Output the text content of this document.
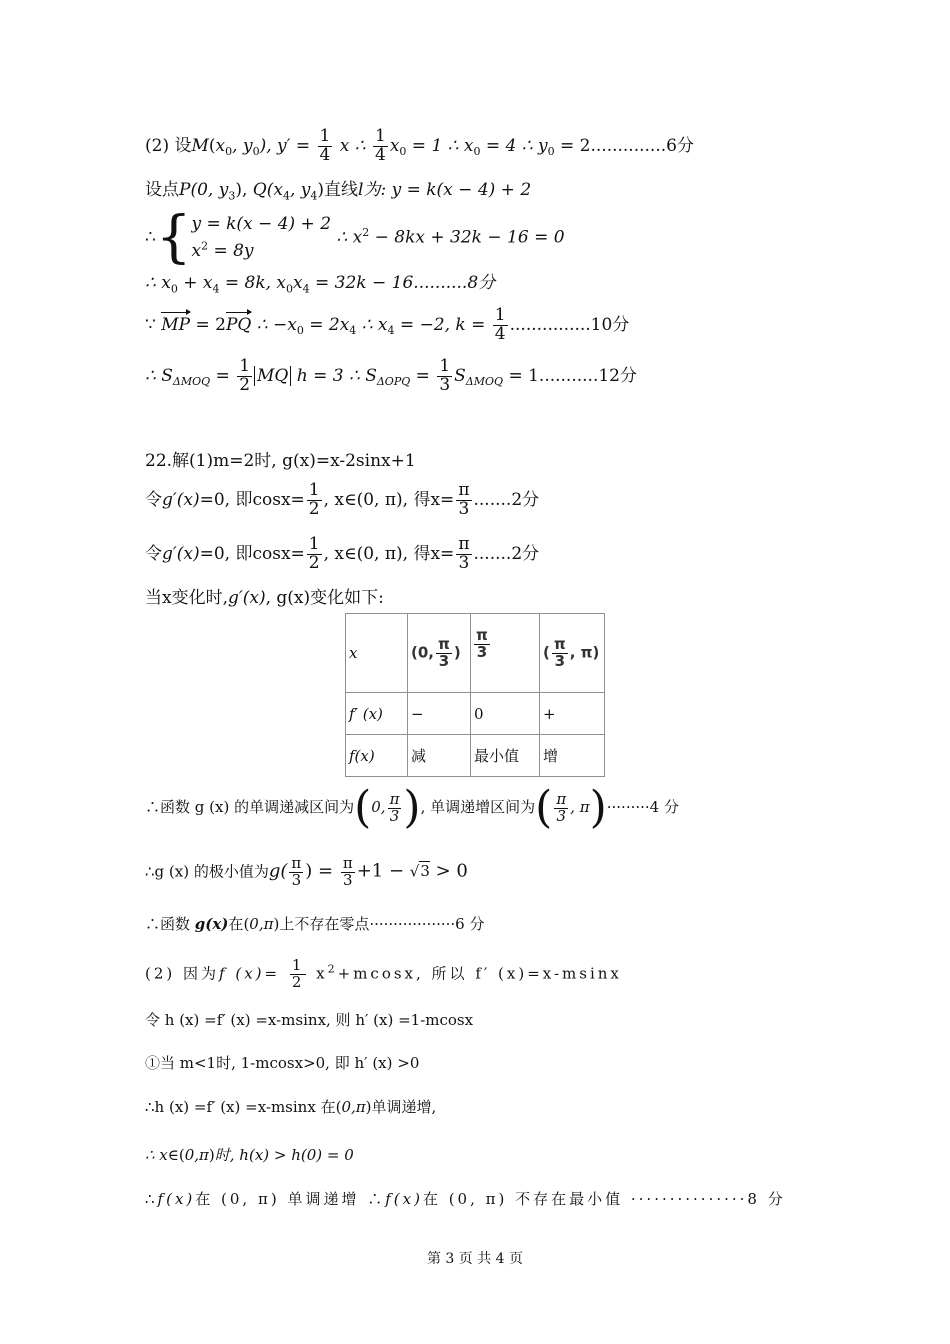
(2) 设$M(x_0$, $y_0$), $y' = \frac{1}{4}$ x ∴ $\frac{1}{4} x_0 = 1$ ∴ $x_0 = 4$ ∴ $y_0 = 2..............6$分
设点P(0, $y_3$), $Q(x_4$, $y_4$)直线l为: y = k(x − 4) + 2
∴{ y = k(x − 4) + 2
$x^2 = 8y$
∴ $x^2 - 8kx + 32k - 16 = 0$
∴ $x_0 + x_4 = 8k$, $x_0x_4 = 32k - 16..........8$分
∵ MP = 2PQ ∴ $-x_0 = 2x_4$ ∴ $x_4 = -2$, $k = \frac{1}{4} ...............10$分
∴ $S_{\Delta MOQ} = \frac{1}{2}$ MQ h = 3 ∴ $S_{\Delta OPQ} = \frac{1}{3} S_{\Delta MOQ} = 1...........12$分
22.解(1)m=2时, g(x)=x-2sinx+1
令g′(x)=0, 即$\cos x= \frac{1}{2}$ , x∈(0, π), 得$x= \frac{\pi}{3} .......2$分
令g′(x)=0, 即$\cos x= \frac{1}{2}$ , x∈(0, π), 得$x= \frac{\pi}{3} .......2$分
当x变化时,g′(x), g(x)变化如下:
x	(0, $\frac{\pi}{3}$ )	$\frac{\pi}{3}$	( $\frac{\pi}{3}$ , π)
f′ (x)	−	0	+
f(x)	减	最小值	增
∴函数 g (x) 的单调递减区间为(0, $\frac{\pi}{3}$ ), 单调递增区间为( $\frac{\pi}{3}$ , π)·········4 分
∴g (x) 的极小值为$g( \frac{\pi}{3}$ ) = $\frac{\pi}{3} +1 - √3 > 0$
∴函数 g(x)在(0,π)上不存在零点··················6 分
(2) 因为f $(x)= \frac{1}{2} x^2+mcosx$, 所以 f′ (x)=x-msinx
令 h (x) =f′ (x) =x-msinx, 则 h′ (x) =1-mcosx
①当 m<1时, 1-mcosx>0, 即 h′ (x) >0
∴h (x) =f′ (x) =x-msinx 在(0,π)单调递增,
∴ x∈(0,π)时, h(x) > h(0) = 0
∴f(x)在 (0, π) 单调递增 ∴f(x)在 (0, π) 不存在最小值 ···············8 分
第 3 页 共 4 页
